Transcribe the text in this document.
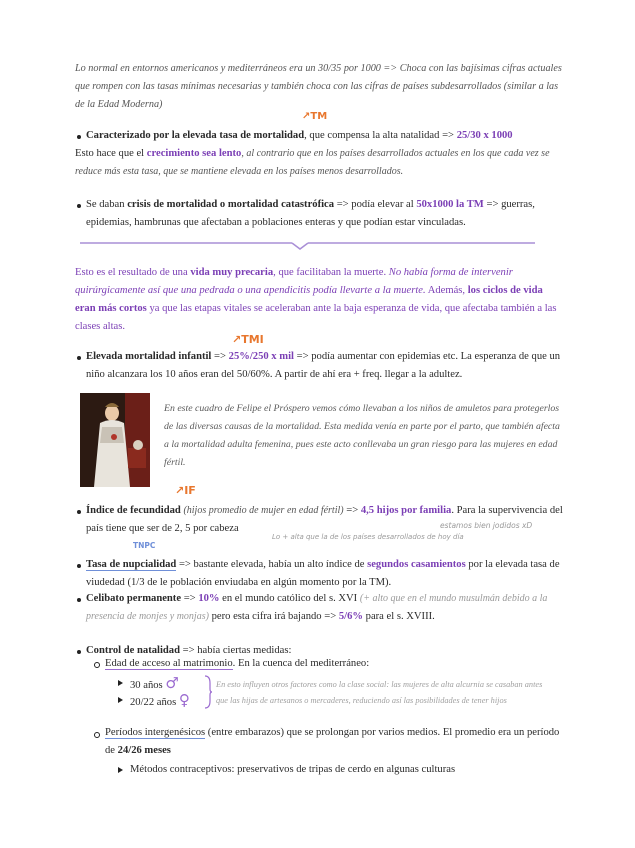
Lo normal en entornos americanos y mediterráneos era un 30/35 por 1000 => Choca con las bajísimas cifras actuales que rompen con las tasas mínimas necesarias y también choca con las cifras de países subdesarrollados (similar a las de la Edad Moderna)
↗TM
Caracterizado por la elevada tasa de mortalidad, que compensa la alta natalidad => 25/30 x 1000
Esto hace que el crecimiento sea lento, al contrario que en los países desarrollados actuales en los que cada vez se reduce más esta tasa, que se mantiene elevada en los países menos desarrollados.
Se daban crisis de mortalidad o mortalidad catastrófica => podía elevar al 50x1000 la TM => guerras, epidemias, hambrunas que afectaban a poblaciones enteras y que podían estar vinculadas.
Esto es el resultado de una vida muy precaria, que facilitaban la muerte. No había forma de intervenir quirúrgicamente así que una pedrada o una apendicitis podía llevarte a la muerte. Además, los ciclos de vida eran más cortos ya que las etapas vitales se aceleraban ante la baja esperanza de vida, que afectaba también a las clases altas.
↗TMI
Elevada mortalidad infantil => 25%/250 x mil => podía aumentar con epidemias etc. La esperanza de que un niño alcanzara los 10 años eran del 50/60%. A partir de ahí era + freq. llegar a la adultez.
En este cuadro de Felipe el Próspero vemos cómo llevaban a los niños de amuletos para protegerlos de las diversas causas de la mortalidad. Esta medida venía en parte por el parto, que también afecta a la mortalidad adulta femenina, pues este acto conllevaba un gran riesgo para las mujeres en edad fértil.
↗IF
Índice de fecundidad (hijos promedio de mujer en edad fértil) => 4,5 hijos por familia. Para la supervivencia del país tiene que ser de 2, 5 por cabeza	estamos bien jodidos xD
Lo + alta que la de los países desarrollados de hoy día
TNPC
Tasa de nupcialidad => bastante elevada, había un alto índice de segundos casamientos por la elevada tasa de viudedad (1/3 de le población enviudaba en algún momento por la TM).
Celibato permanente => 10% en el mundo católico del s. XVI (+ alto que en el mundo musulmán debido a la presencia de monjes y monjas) pero esta cifra irá bajando => 5/6% para el s. XVIII.
Control de natalidad => había ciertas medidas:
Edad de acceso al matrimonio. En la cuenca del mediterráneo:
30 años ♂
20/22 años ♀
En esto influyen otros factores como la clase social: las mujeres de alta alcurnia se casaban antes que las hijas de artesanos o mercaderes, reduciendo así las posibilidades de tener hijos
Períodos intergenésicos (entre embarazos) que se prolongan por varios medios. El promedio era un período de 24/26 meses
Métodos contraceptivos: preservativos de tripas de cerdo en algunas culturas
